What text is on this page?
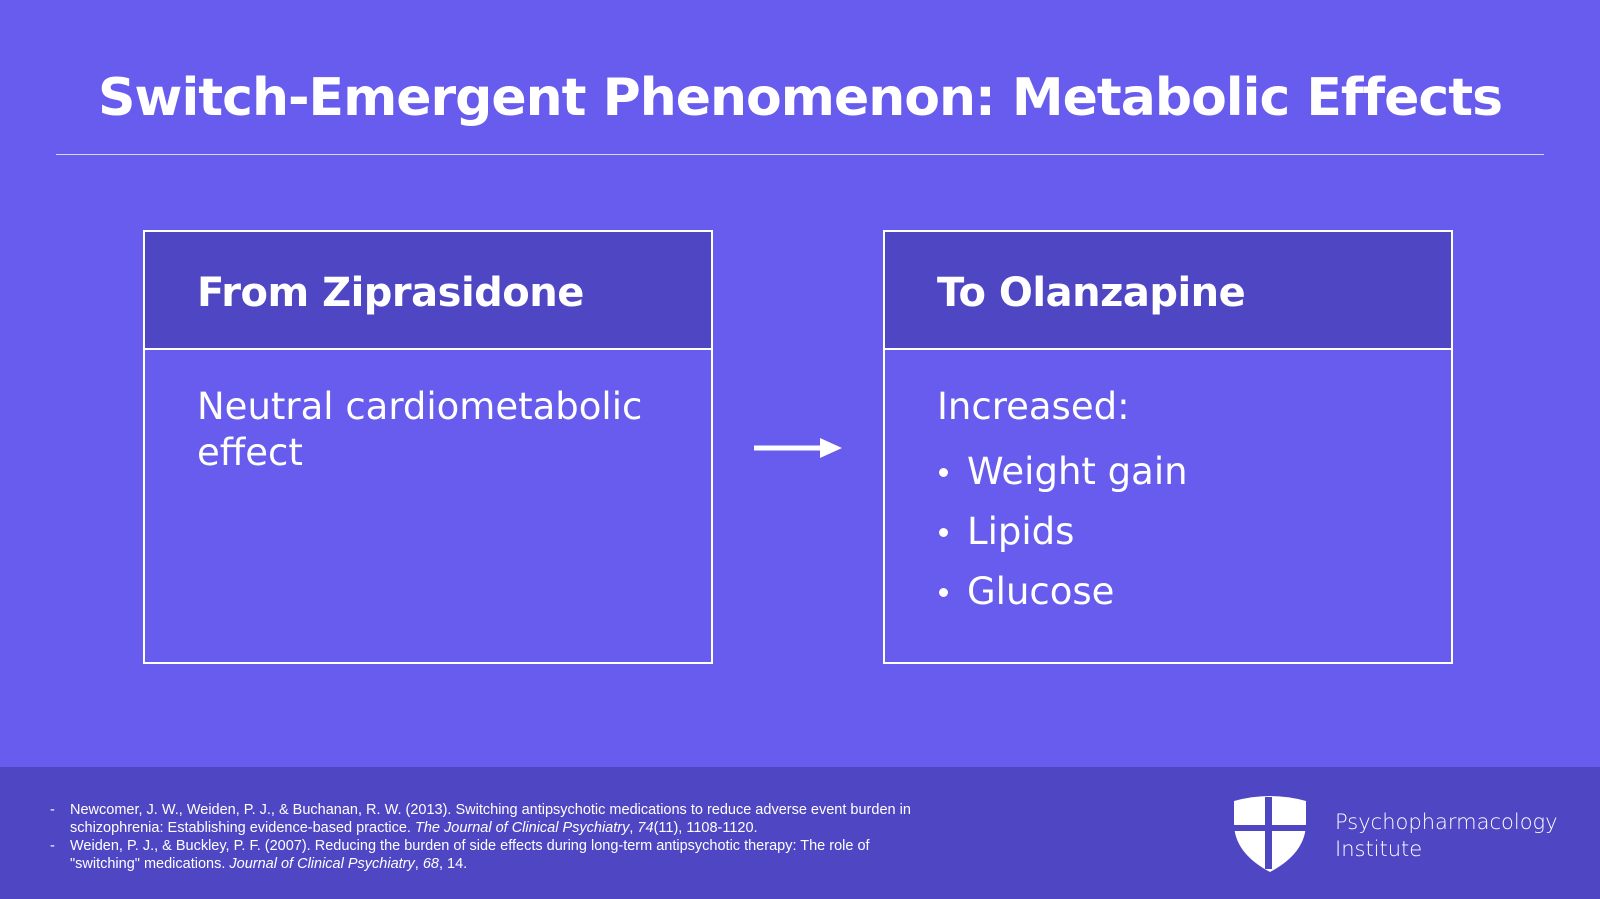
Switch-Emergent Phenomenon: Metabolic Effects
From Ziprasidone

Neutral cardiometabolic effect

To Olanzapine

Increased:

Weight gain
Lipids
Glucose
- Newcomer, J. W., Weiden, P. J., & Buchanan, R. W. (2013). Switching antipsychotic medications to reduce adverse event burden in schizophrenia: Establishing evidence-based practice. The Journal of Clinical Psychiatry, 74(11), 1108-1120.
- Weiden, P. J., & Buckley, P. F. (2007). Reducing the burden of side effects during long-term antipsychotic therapy: The role of "switching" medications. Journal of Clinical Psychiatry, 68, 14.
Psychopharmacology
Institute
